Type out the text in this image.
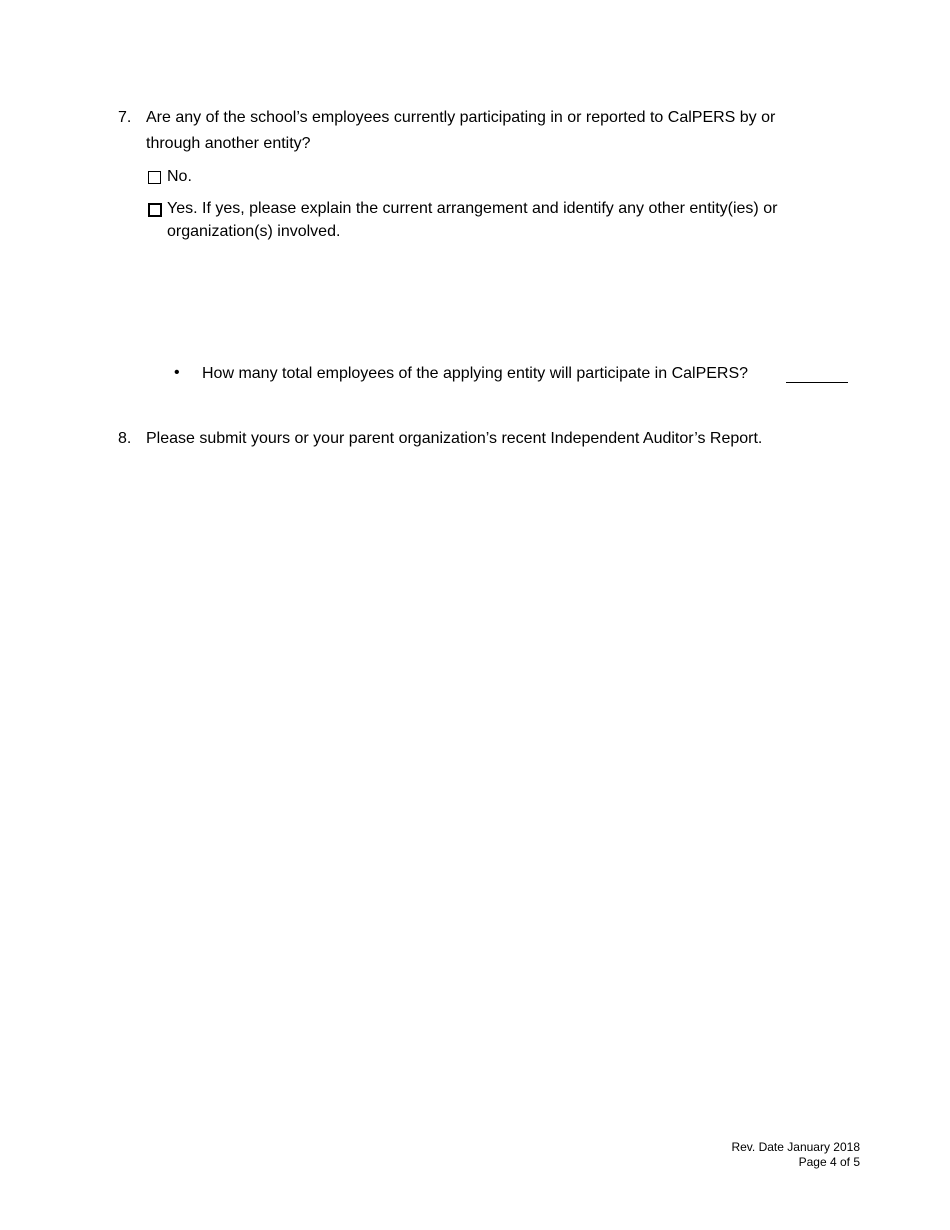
7. Are any of the school’s employees currently participating in or reported to CalPERS by or
through another entity?
No.
Yes. If yes, please explain the current arrangement and identify any other entity(ies) or
organization(s) involved.
• How many total employees of the applying entity will participate in CalPERS?
8. Please submit yours or your parent organization’s recent Independent Auditor’s Report.
Rev. Date January 2018
Page 4 of 5
